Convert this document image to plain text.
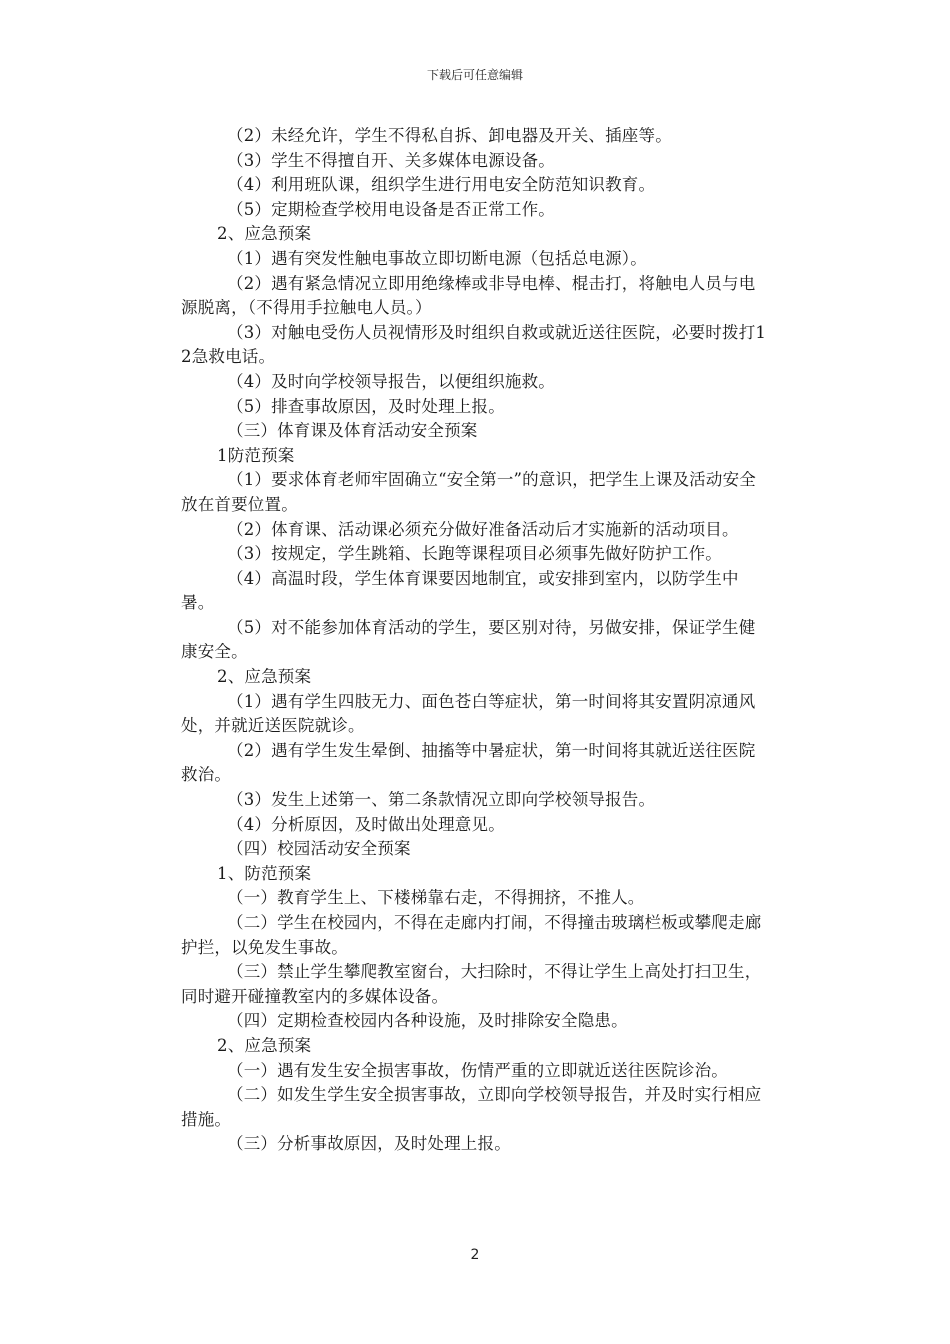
下载后可任意编辑

（2）未经允许，学生不得私自拆、卸电器及开关、插座等。

（3）学生不得擅自开、关多媒体电源设备。

（4）利用班队课，组织学生进行用电安全防范知识教育。

（5）定期检查学校用电设备是否正常工作。

2、应急预案

（1）遇有突发性触电事故立即切断电源（包括总电源）。

（2）遇有紧急情况立即用绝缘棒或非导电棒、棍击打，将触电人员与电源脱离，（不得用手拉触电人员。）

（3）对触电受伤人员视情形及时组织自救或就近送往医院，必要时拨打12急救电话。

（4）及时向学校领导报告，以便组织施救。

（5）排查事故原因，及时处理上报。

（三）体育课及体育活动安全预案

1防范预案

（1）要求体育老师牢固确立“安全第一”的意识，把学生上课及活动安全放在首要位置。

（2）体育课、活动课必须充分做好准备活动后才实施新的活动项目。

（3）按规定，学生跳箱、长跑等课程项目必须事先做好防护工作。

（4）高温时段，学生体育课要因地制宜，或安排到室内，以防学生中暑。

（5）对不能参加体育活动的学生，要区别对待，另做安排，保证学生健康安全。

2、应急预案

（1）遇有学生四肢无力、面色苍白等症状，第一时间将其安置阴凉通风处，并就近送医院就诊。

（2）遇有学生发生晕倒、抽搐等中暑症状，第一时间将其就近送往医院救治。

（3）发生上述第一、第二条款情况立即向学校领导报告。

（4）分析原因，及时做出处理意见。

（四）校园活动安全预案

1、防范预案

（一）教育学生上、下楼梯靠右走，不得拥挤，不推人。

（二）学生在校园内，不得在走廊内打闹，不得撞击玻璃栏板或攀爬走廊护拦，以免发生事故。

（三）禁止学生攀爬教室窗台，大扫除时，不得让学生上高处打扫卫生，同时避开碰撞教室内的多媒体设备。

（四）定期检查校园内各种设施，及时排除安全隐患。

2、应急预案

（一）遇有发生安全损害事故，伤情严重的立即就近送往医院诊治。

（二）如发生学生安全损害事故，立即向学校领导报告，并及时实行相应措施。

（三）分析事故原因，及时处理上报。

2
